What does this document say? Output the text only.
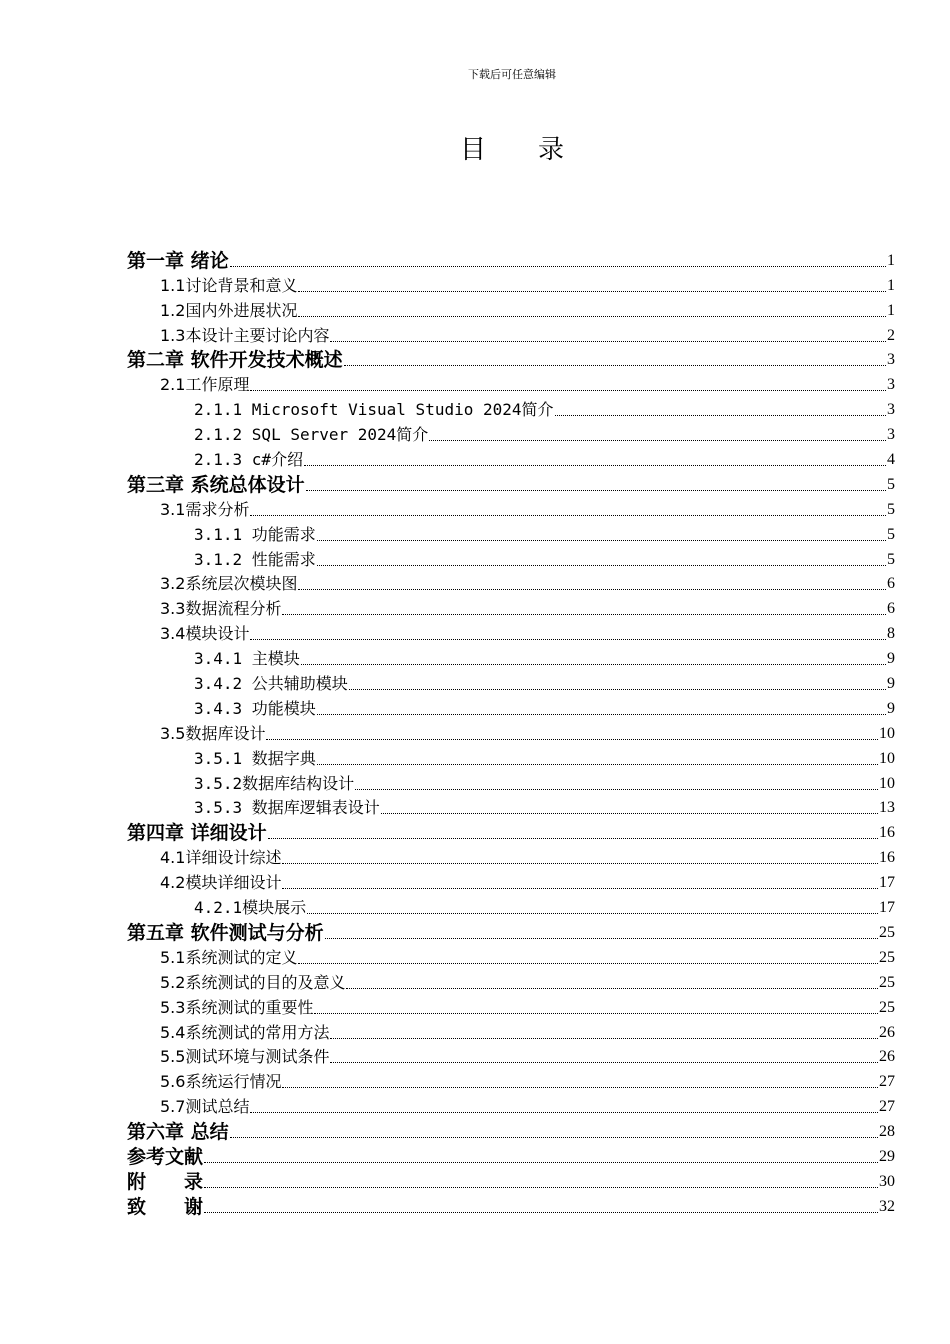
下载后可任意编辑
目　　录
第一章 绪论	1
1.1讨论背景和意义	1
1.2国内外进展状况	1
1.3本设计主要讨论内容	2
第二章 软件开发技术概述	3
2.1工作原理	3
2.1.1 Microsoft Visual Studio 2024简介	3
2.1.2 SQL Server 2024简介	3
2.1.3 c#介绍	4
第三章 系统总体设计	5
3.1需求分析	5
3.1.1 功能需求	5
3.1.2 性能需求	5
3.2系统层次模块图	6
3.3数据流程分析	6
3.4模块设计	8
3.4.1 主模块	9
3.4.2 公共辅助模块	9
3.4.3 功能模块	9
3.5数据库设计	10
3.5.1 数据字典	10
3.5.2数据库结构设计	10
3.5.3 数据库逻辑表设计	13
第四章 详细设计	16
4.1详细设计综述	16
4.2模块详细设计	17
4.2.1模块展示	17
第五章 软件测试与分析	25
5.1系统测试的定义	25
5.2系统测试的目的及意义	25
5.3系统测试的重要性	25
5.4系统测试的常用方法	26
5.5测试环境与测试条件	26
5.6系统运行情况	27
5.7测试总结	27
第六章 总结	28
参考文献	29
附　　录	30
致　　谢	32
